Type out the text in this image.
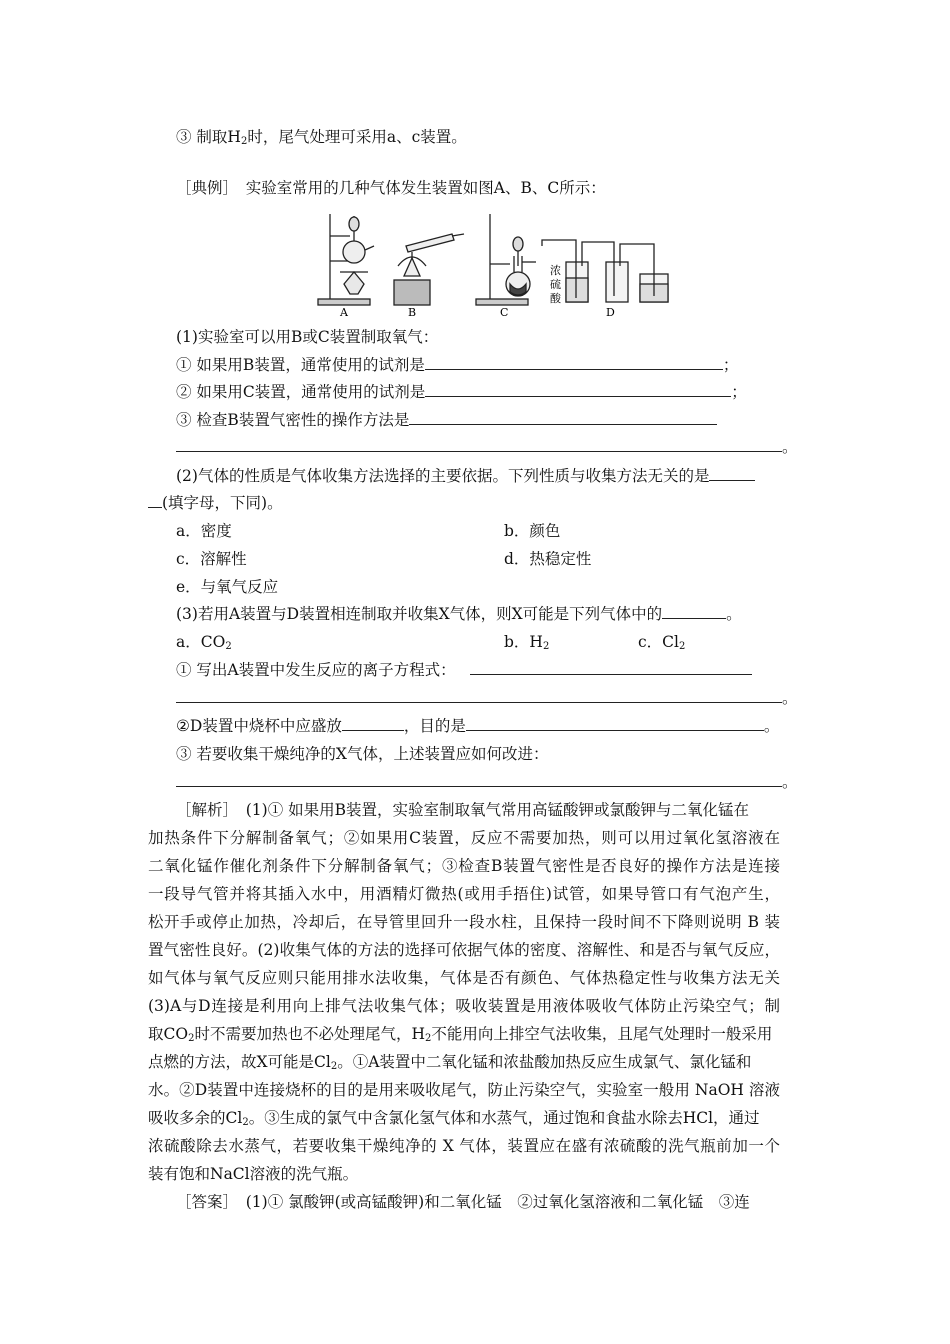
③ 制取$H_2$时，尾气处理可采用a、c装置。
［典例］　实验室常用的几种气体发生装置如图A、B、C所示：
A	B	C	D
浓
硫
酸
(1)实验室可以用B或C装置制取氧气：
① 如果用B装置，通常使用的试剂是	；
② 如果用C装置，通常使用的试剂是	；
③ 检查B装置气密性的操作方法是
。
(2)气体的性质是气体收集方法选择的主要依据。下列性质与收集方法无关的是
(填字母，下同)。
a．密度	b．颜色
c．溶解性	d．热稳定性
e．与氧气反应
(3)若用A装置与D装置相连制取并收集X气体，则X可能是下列气体中的	。
a．$CO_2$	b．$H_2$	c．$Cl_2$
① 写出A装置中发生反应的离子方程式：
。
②D装置中烧杯中应盛放	，目的是	。
③ 若要收集干燥纯净的X气体，上述装置应如何改进：
。
［解析］　(1)① 如果用B装置，实验室制取氧气常用高锰酸钾或氯酸钾与二氧化锰在
加热条件下分解制备氧气；②如果用C装置，反应不需要加热，则可以用过氧化氢溶液在
二氧化锰作催化剂条件下分解制备氧气；③检查B装置气密性是否良好的操作方法是连接
一段导气管并将其插入水中，用酒精灯微热(或用手捂住)试管，如果导管口有气泡产生，
松开手或停止加热，冷却后，在导管里回升一段水柱，且保持一段时间不下降则说明 B 装
置气密性良好。(2)收集气体的方法的选择可依据气体的密度、溶解性、和是否与氧气反应，
如气体与氧气反应则只能用排水法收集，气体是否有颜色、气体热稳定性与收集方法无关
(3)A与D连接是利用向上排气法收集气体；吸收装置是用液体吸收气体防止污染空气；制
取$CO_2$时不需要加热也不必处理尾气，$H_2$不能用向上排空气法收集，且尾气处理时一般采用
点燃的方法，故X可能是$Cl_2$。①A装置中二氧化锰和浓盐酸加热反应生成氯气、氯化锰和
水。②D装置中连接烧杯的目的是用来吸收尾气，防止污染空气，实验室一般用 NaOH 溶液
吸收多余的$Cl_2$。③生成的氯气中含氯化氢气体和水蒸气，通过饱和食盐水除去HCl，通过
浓硫酸除去水蒸气，若要收集干燥纯净的 X 气体，装置应在盛有浓硫酸的洗气瓶前加一个
装有饱和NaCl溶液的洗气瓶。
［答案］　(1)① 氯酸钾(或高锰酸钾)和二氧化锰　②过氧化氢溶液和二氧化锰　③连
